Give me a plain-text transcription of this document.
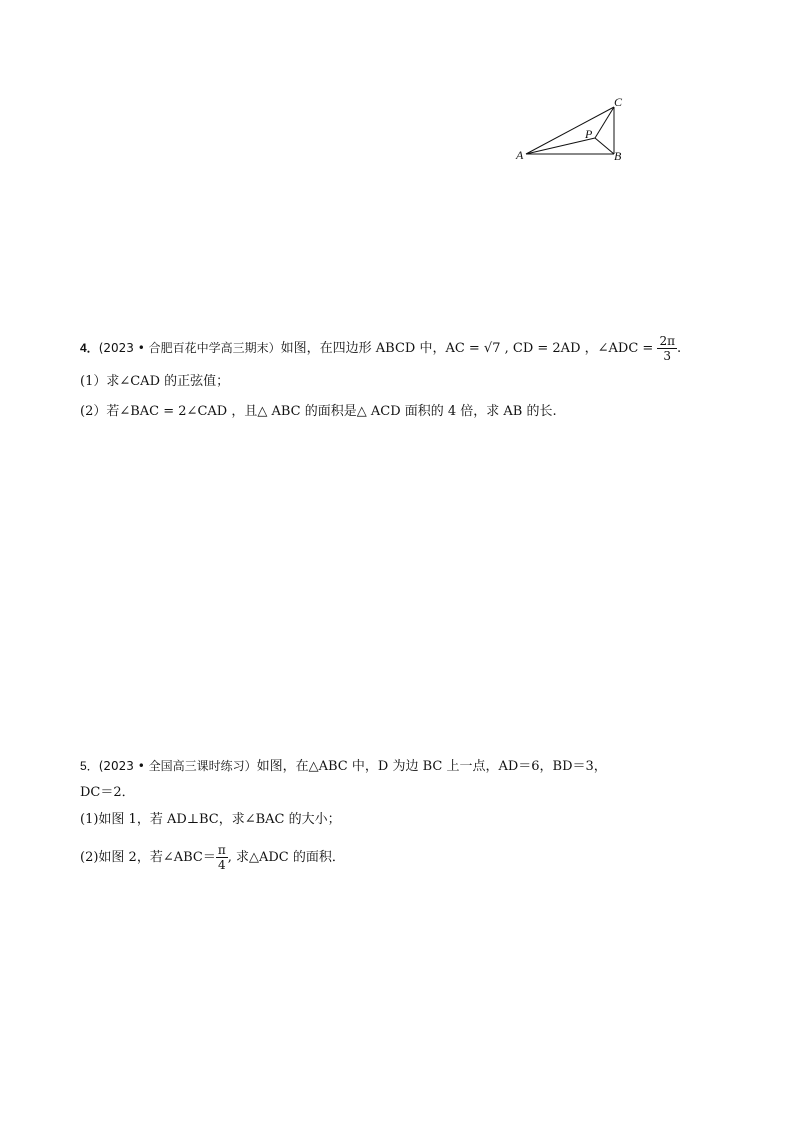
A	B
C
P
4．(2023 • 合肥百花中学高三期末）如图，在四边形 ABCD 中，AC = √7 , CD = 2AD ，∠ADC = $\frac{2\pi}{3}$ .
(1）求∠CAD 的正弦值；
(2）若∠BAC = 2∠CAD ，且△ ABC 的面积是△ ACD 面积的 4 倍，求 AB 的长.
5．(2023 • 全国高三课时练习）如图，在△ABC 中，D 为边 BC 上一点，AD＝6，BD＝3，
DC＝2．
(1)如图 1，若 AD⊥BC，求∠BAC 的大小；
(2)如图 2，若∠ABC＝ $\frac{\pi}{4}$ , 求△ADC 的面积．
